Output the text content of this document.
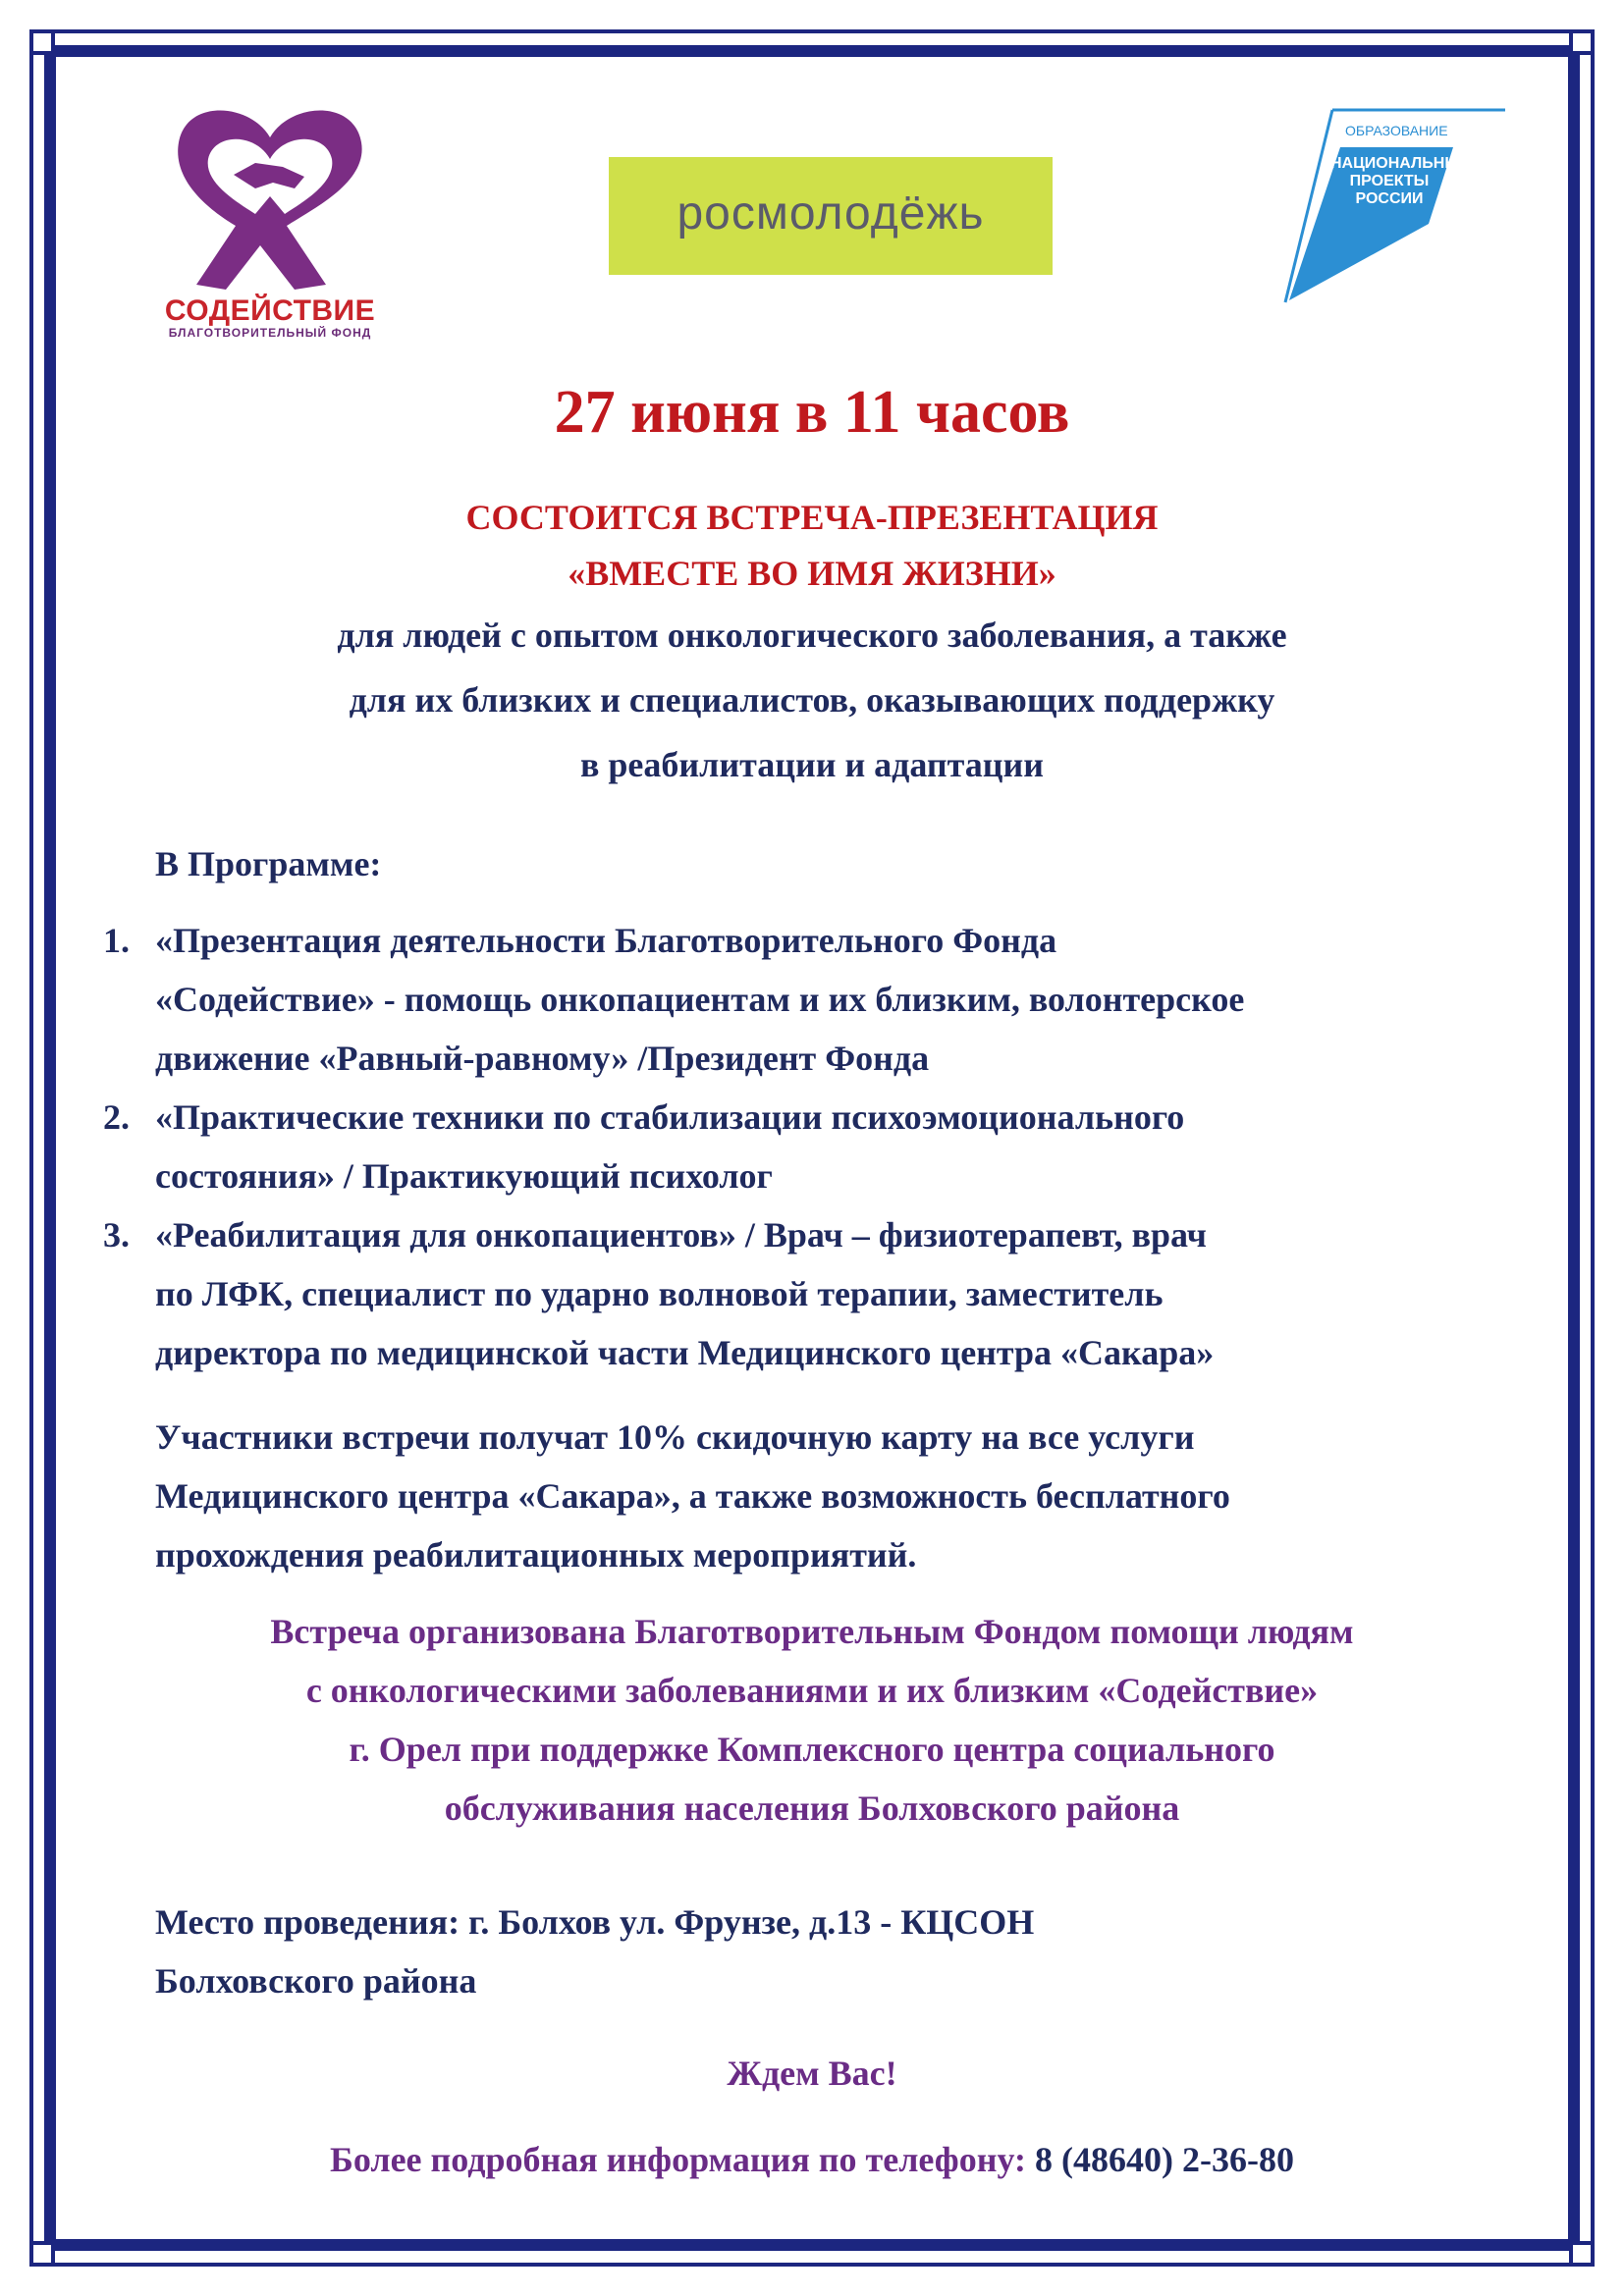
СОДЕЙСТВИЕ
БЛАГОТВОРИТЕЛЬНЫЙ ФОНД
росмолодёжь
ОБРАЗОВАНИЕ
НАЦИОНАЛЬНЫЕ
ПРОЕКТЫ
РОССИИ
27 июня в 11 часов
СОСТОИТСЯ ВСТРЕЧА-ПРЕЗЕНТАЦИЯ
«ВМЕСТЕ ВО ИМЯ ЖИЗНИ»
для людей с опытом онкологического заболевания, а также
для их близких и специалистов, оказывающих поддержку
в реабилитации и адаптации
В Программе:
1. «Презентация деятельности Благотворительного Фонда
«Содействие» - помощь онкопациентам и их близким, волонтерское
движение «Равный-равному» /Президент Фонда
2. «Практические техники по стабилизации психоэмоционального
состояния» / Практикующий психолог
3. «Реабилитация для онкопациентов» / Врач – физиотерапевт, врач
по ЛФК, специалист по ударно волновой терапии, заместитель
директора по медицинской части Медицинского центра «Сакара»
Участники встречи получат 10% скидочную карту на все услуги
Медицинского центра «Сакара», а также возможность бесплатного
прохождения реабилитационных мероприятий.
Встреча организована Благотворительным Фондом помощи людям
с онкологическими заболеваниями и их близким «Содействие»
г. Орел при поддержке Комплексного центра социального
обслуживания населения Болховского района
Место проведения: г. Болхов ул. Фрунзе, д.13 - КЦСОН
Болховского района
Ждем Вас!
Более подробная информация по телефону: 8 (48640) 2-36-80
